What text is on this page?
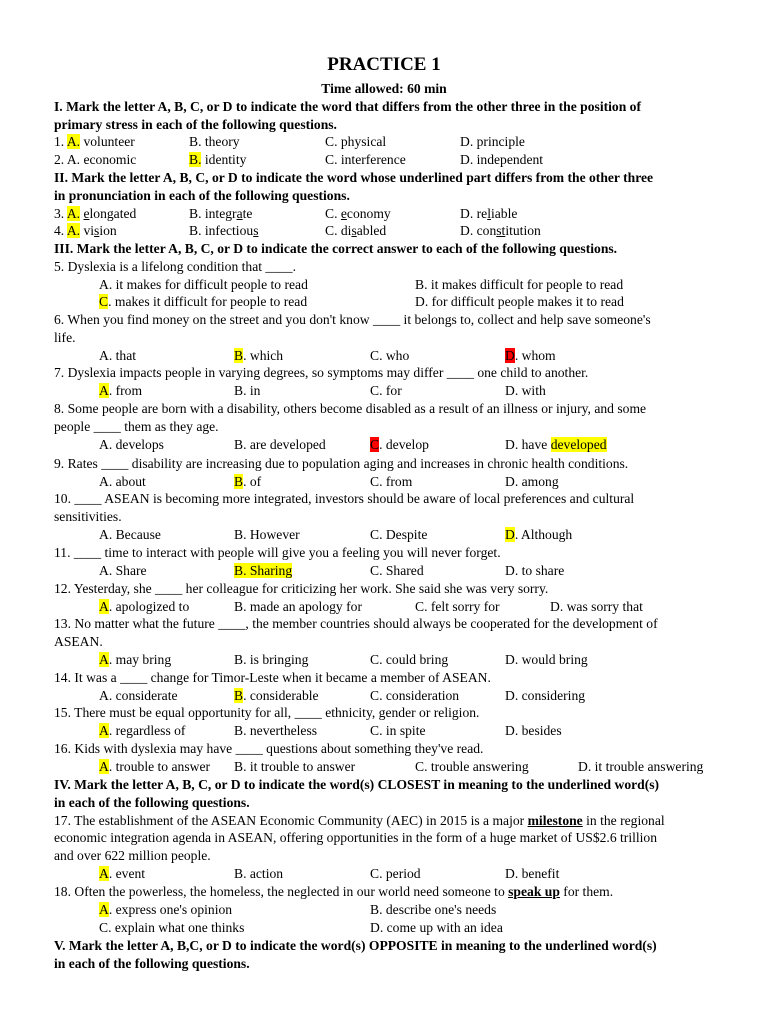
PRACTICE 1
Time allowed: 60 min
I. Mark the letter A, B, C, or D to indicate the word that differs from the other three in the position of
primary stress in each of the following questions.
1. A. volunteer	B. theory	C. physical	D. principle
2. A. economic	B. identity	C. interference	D. independent
II. Mark the letter A, B, C, or D to indicate the word whose underlined part differs from the other three
in pronunciation in each of the following questions.
3. A. elongated	B. integrate	C. economy	D. reliable
4. A. vision	B. infectious	C. disabled	D. constitution
III. Mark the letter A, B, C, or D to indicate the correct answer to each of the following questions.
5. Dyslexia is a lifelong condition that ____.
A. it makes for difficult people to read	B. it makes difficult for people to read
C. makes it difficult for people to read	D. for difficult people makes it to read
6. When you find money on the street and you don't know ____ it belongs to, collect and help save someone's
life.
A. that	B. which	C. who	D. whom
7. Dyslexia impacts people in varying degrees, so symptoms may differ ____ one child to another.
A. from	B. in	C. for	D. with
8. Some people are born with a disability, others become disabled as a result of an illness or injury, and some
people ____ them as they age.
A. develops	B. are developed	C. develop	D. have developed
9. Rates ____ disability are increasing due to population aging and increases in chronic health conditions.
A. about	B. of	C. from	D. among
10. ____ ASEAN is becoming more integrated, investors should be aware of local preferences and cultural
sensitivities.
A. Because	B. However	C. Despite	D. Although
11. ____ time to interact with people will give you a feeling you will never forget.
A. Share	B. Sharing	C. Shared	D. to share
12. Yesterday, she ____ her colleague for criticizing her work. She said she was very sorry.
A. apologized to	B. made an apology for	C. felt sorry for	D. was sorry that
13. No matter what the future ____, the member countries should always be cooperated for the development of
ASEAN.
A. may bring	B. is bringing	C. could bring	D. would bring
14. It was a ____ change for Timor-Leste when it became a member of ASEAN.
A. considerate	B. considerable	C. consideration	D. considering
15. There must be equal opportunity for all, ____ ethnicity, gender or religion.
A. regardless of	B. nevertheless	C. in spite	D. besides
16. Kids with dyslexia may have ____ questions about something they've read.
A. trouble to answer B. it trouble to answer	C. trouble answering	D. it trouble answering
IV. Mark the letter A, B, C, or D to indicate the word(s) CLOSEST in meaning to the underlined word(s)
in each of the following questions.
17. The establishment of the ASEAN Economic Community (AEC) in 2015 is a major milestone in the regional
economic integration agenda in ASEAN, offering opportunities in the form of a huge market of US$2.6 trillion
and over 622 million people.
A. event	B. action	C. period	D. benefit
18. Often the powerless, the homeless, the neglected in our world need someone to speak up for them.
A. express one's opinion	B. describe one's needs
C. explain what one thinks	D. come up with an idea
V. Mark the letter A, B,C, or D to indicate the word(s) OPPOSITE in meaning to the underlined word(s)
in each of the following questions.
